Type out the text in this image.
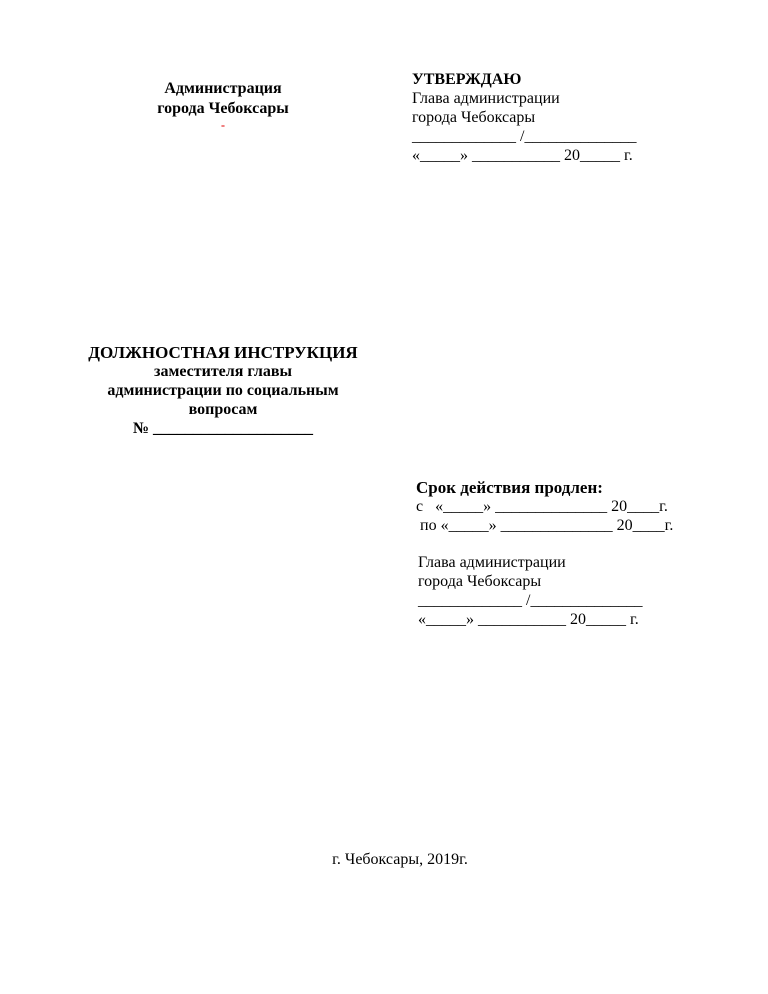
Администрация
города Чебоксары
-
УТВЕРЖДАЮ
Глава администрации
города Чебоксары
_____________ /______________
«_____» ___________ 20_____ г.
ДОЛЖНОСТНАЯ ИНСТРУКЦИЯ
заместителя главы
администрации по социальным
вопросам
№ ____________________
Срок действия продлен:
с   «_____» ______________ 20____г.
по «_____» ______________ 20____г.
Глава администрации
города Чебоксары
_____________ /______________
«_____» ___________ 20_____ г.
г. Чебоксары, 2019г.
